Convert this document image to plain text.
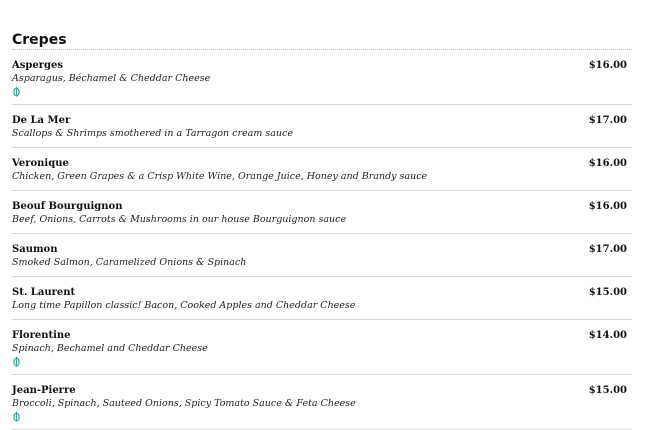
Crepes
Asperges	$16.00
Asparagus, Béchamel & Cheddar Cheese
De La Mer	$17.00
Scallops & Shrimps smothered in a Tarragon cream sauce
Veronique	$16.00
Chicken, Green Grapes & a Crisp White Wine, Orange Juice, Honey and Brandy sauce
Beouf Bourguignon	$16.00
Beef, Onions, Carrots & Mushrooms in our house Bourguignon sauce
Saumon	$17.00
Smoked Salmon, Caramelized Onions & Spinach
St. Laurent	$15.00
Long time Papillon classic! Bacon, Cooked Apples and Cheddar Cheese
Florentine	$14.00
Spinach, Bechamel and Cheddar Cheese
Jean-Pierre	$15.00
Broccoli, Spinach, Sauteed Onions, Spicy Tomato Sauce & Feta Cheese
